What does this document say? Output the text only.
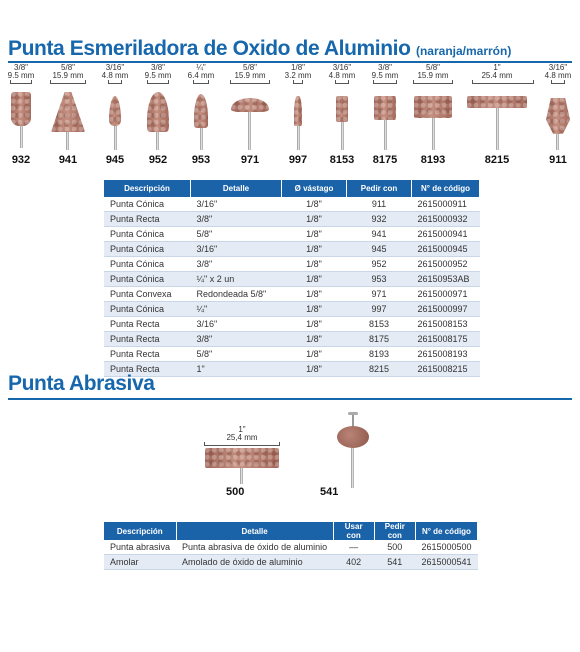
Punta Esmeriladora de Oxido de Aluminio (naranja/marrón)
3/8"
9.5 mm
932
5/8"
15.9 mm
941
3/16"
4.8 mm
945
3/8"
9.5 mm
952
¼"
6.4 mm
953
5/8"
15.9 mm
971
1/8"
3.2 mm
997
3/16"
4.8 mm
8153
3/8"
9.5 mm
8175
5/8"
15.9 mm
8193
1"
25.4 mm
8215
3/16"
4.8 mm
911
Descripción	Detalle	Ø vástago	Pedir con	N° de código
Punta Cónica	3/16"	1/8"	911	2615000911
Punta Recta	3/8"	1/8"	932	2615000932
Punta Cónica	5/8"	1/8"	941	2615000941
Punta Cónica	3/16"	1/8"	945	2615000945
Punta Cónica	3/8"	1/8"	952	2615000952
Punta Cónica	¼" x 2 un	1/8"	953	26150953AB
Punta Convexa	Redondeada 5/8"	1/8"	971	2615000971
Punta Cónica	¼"	1/8"	997	2615000997
Punta Recta	3/16"	1/8"	8153	2615008153
Punta Recta	3/8"	1/8"	8175	2615008175
Punta Recta	5/8"	1/8"	8193	2615008193
Punta Recta	1"	1/8"	8215	2615008215
Punta Abrasiva
1"
25,4 mm
500	541
Descripción	Detalle	Usar con	Pedir con	N° de código
Punta abrasiva	Punta abrasiva de óxido de aluminio	—	500	2615000500
Amolar	Amolado de óxido de aluminio	402	541	2615000541
